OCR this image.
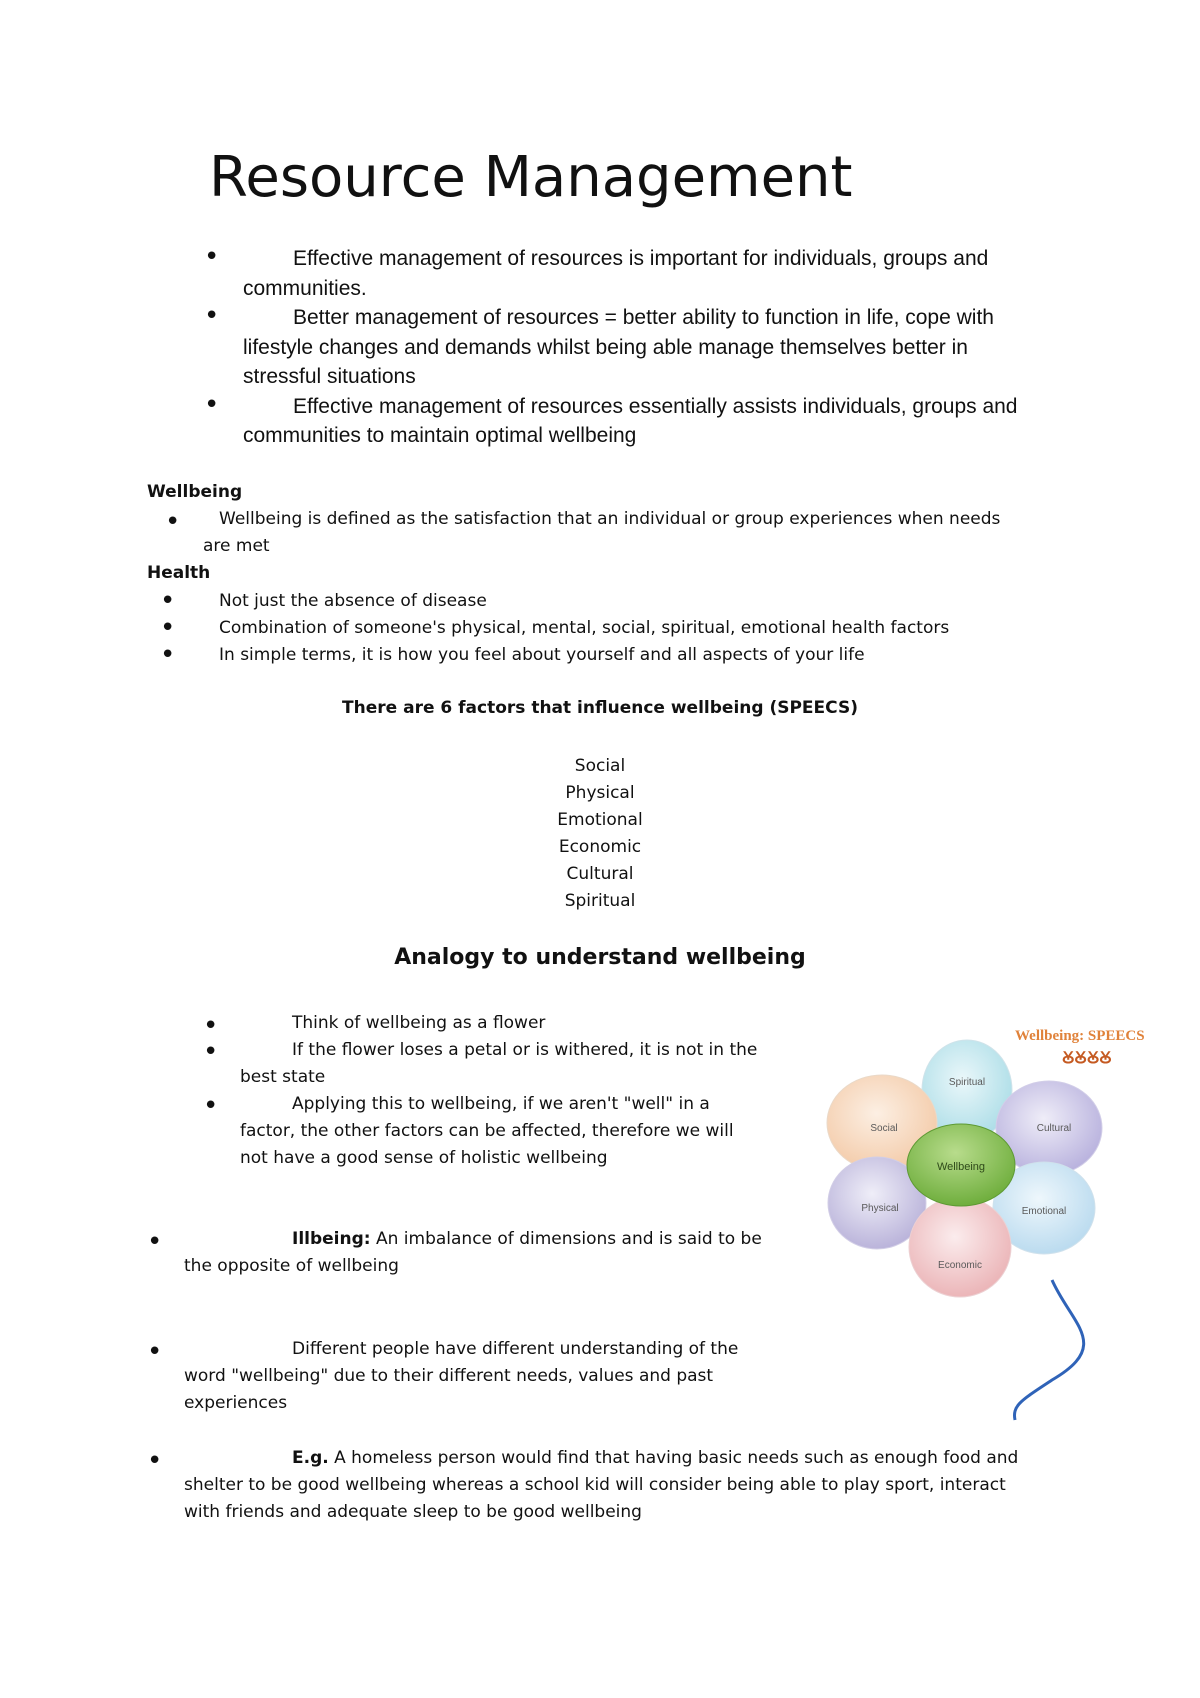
Resource Management
•
•
•

Effective management of resources is important for individuals, groups and

communities.

Better management of resources = better ability to function in life, cope with

lifestyle changes and demands whilst being able manage themselves better in

stressful situations

Effective management of resources essentially assists individuals, groups and

communities to maintain optimal wellbeing

Wellbeing
•	Wellbeing is defined as the satisfaction that an individual or group experiences when needs

are met

Health
•
•
•

Not just the absence of disease

Combination of someone's physical, mental, social, spiritual, emotional health factors

In simple terms, it is how you feel about yourself and all aspects of your life

There are 6 factors that influence wellbeing (SPEECS)

Social

Physical

Emotional

Economic

Cultural

Spiritual

Analogy to understand wellbeing
•
•
•

Think of wellbeing as a flower

If the flower loses a petal or is withered, it is not in the

best state

Applying this to wellbeing, if we aren't "well" in a

factor, the other factors can be affected, therefore we will

not have a good sense of holistic wellbeing

•	Illbeing: An imbalance of dimensions and is said to be

the opposite of wellbeing

•	Different people have different understanding of the

word "wellbeing" due to their different needs, values and past

experiences

•	E.g. A homeless person would find that having basic needs such as enough food and

shelter to be good wellbeing whereas a school kid will consider being able to play sport, interact

with friends and adequate sleep to be good wellbeing

Wellbeing: SPEECS
ꙊꙊꙊꙊ
Spiritual
Cultural
Social
Emotional
Physical
Economic
Wellbeing
